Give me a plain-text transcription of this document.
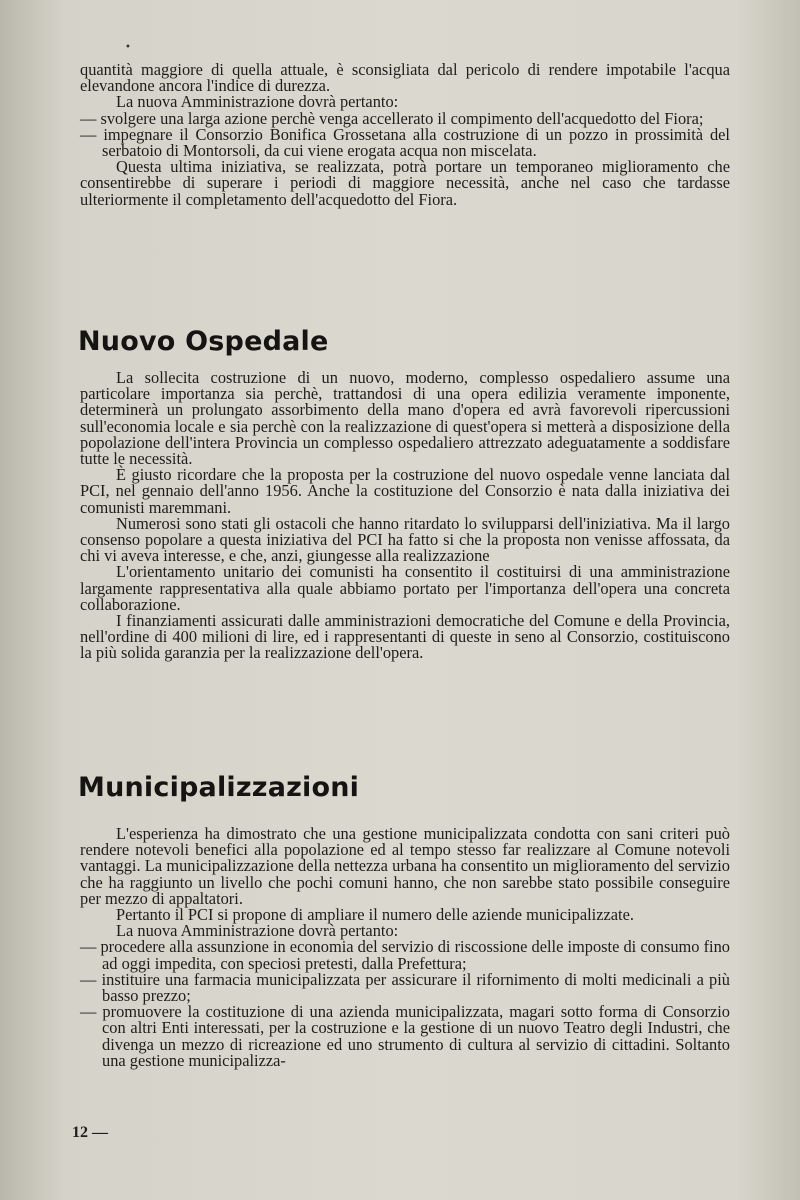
•

quantità maggiore di quella attuale, è sconsigliata dal pericolo di rendere impotabile l'acqua elevandone ancora l'indice di durezza.

La nuova Amministrazione dovrà pertanto:

— svolgere una larga azione perchè venga accellerato il compimento dell'acquedotto del Fiora;

— impegnare il Consorzio Bonifica Grossetana alla costruzione di un pozzo in prossimità del serbatoio di Montorsoli, da cui viene erogata acqua non miscelata.

Questa ultima iniziativa, se realizzata, potrà portare un temporaneo miglioramento che consentirebbe di superare i periodi di maggiore necessità, anche nel caso che tardasse ulteriormente il completamento dell'acquedotto del Fiora.

Nuovo Ospedale

La sollecita costruzione di un nuovo, moderno, complesso ospedaliero assume una particolare importanza sia perchè, trattandosi di una opera edilizia veramente imponente, determinerà un prolungato assorbimento della mano d'opera ed avrà favorevoli ripercussioni sull'economia locale e sia perchè con la realizzazione di quest'opera si metterà a disposizione della popolazione dell'intera Provincia un complesso ospedaliero attrezzato adeguatamente a soddisfare tutte le necessità.

È giusto ricordare che la proposta per la costruzione del nuovo ospedale venne lanciata dal PCI, nel gennaio dell'anno 1956. Anche la costituzione del Consorzio è nata dalla iniziativa dei comunisti maremmani.

Numerosi sono stati gli ostacoli che hanno ritardato lo svilupparsi dell'iniziativa. Ma il largo consenso popolare a questa iniziativa del PCI ha fatto si che la proposta non venisse affossata, da chi vi aveva interesse, e che, anzi, giungesse alla realizzazione

L'orientamento unitario dei comunisti ha consentito il costituirsi di una amministrazione largamente rappresentativa alla quale abbiamo portato per l'importanza dell'opera una concreta collaborazione.

I finanziamenti assicurati dalle amministrazioni democratiche del Comune e della Provincia, nell'ordine di 400 milioni di lire, ed i rappresentanti di queste in seno al Consorzio, costituiscono la più solida garanzia per la realizzazione dell'opera.

Municipalizzazioni

L'esperienza ha dimostrato che una gestione municipalizzata condotta con sani criteri può rendere notevoli benefici alla popolazione ed al tempo stesso far realizzare al Comune notevoli vantaggi. La municipalizzazione della nettezza urbana ha consentito un miglioramento del servizio che ha raggiunto un livello che pochi comuni hanno, che non sarebbe stato possibile conseguire per mezzo di appaltatori.

Pertanto il PCI si propone di ampliare il numero delle aziende municipalizzate.

La nuova Amministrazione dovrà pertanto:

— procedere alla assunzione in economia del servizio di riscossione delle imposte di consumo fino ad oggi impedita, con speciosi pretesti, dalla Prefettura;

— instituire una farmacia municipalizzata per assicurare il rifornimento di molti medicinali a più basso prezzo;

— promuovere la costituzione di una azienda municipalizzata, magari sotto forma di Consorzio con altri Enti interessati, per la costruzione e la gestione di un nuovo Teatro degli Industri, che divenga un mezzo di ricreazione ed uno strumento di cultura al servizio di cittadini. Soltanto una gestione municipalizza-

12 —
